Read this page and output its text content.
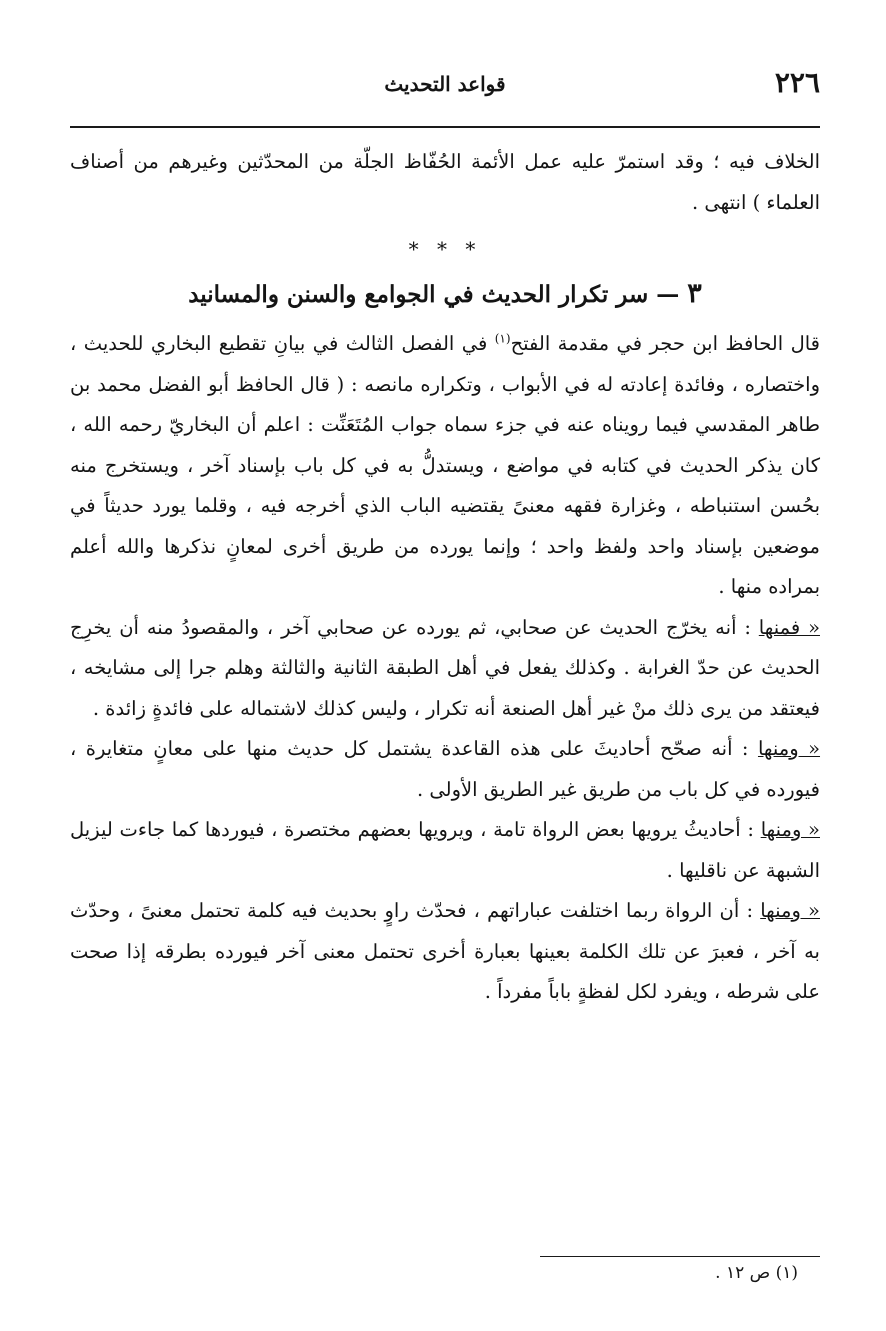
٢٢٦
قواعد التحديث

الخلاف فيه ؛ وقد استمرّ عليه عمل الأئمة الحُفّاظ الجلّة من المحدّثين وغيرهم من أصناف العلماء ) انتهى .

* * *
٣ — سر تكرار الحديث في الجوامع والسنن والمسانيد

قال الحافظ ابن حجر في مقدمة الفتح$^{(١)}$ في الفصل الثالث في بيانِ تقطيع البخاري للحديث ، واختصاره ، وفائدة إعادته له في الأبواب ، وتكراره مانصه : ( قال الحافظ أبو الفضل محمد بن طاهر المقدسي فيما رويناه عنه في جزء سماه جواب المُتَعَنِّت : اعلم أن البخاريّ رحمه الله ، كان يذكر الحديث في كتابه في مواضع ، ويستدلُّ به في كل باب بإسناد آخر ، ويستخرج منه بحُسن استنباطه ، وغزارة فقهه معنىً يقتضيه الباب الذي أخرجه فيه ، وقلما يورد حديثاً في موضعين بإسناد واحد ولفظ واحد ؛ وإنما يورده من طريق أخرى لمعانٍ نذكرها والله أعلم بمراده منها .

« فمنها : أنه يخرّج الحديث عن صحابي، ثم يورده عن صحابي آخر ، والمقصودُ منه أن يخرِج الحديث عن حدّ الغرابة . وكذلك يفعل في أهل الطبقة الثانية والثالثة وهلم جرا إلى مشايخه ، فيعتقد من يرى ذلك منْ غير أهل الصنعة أنه تكرار ، وليس كذلك لاشتماله على فائدةٍ زائدة .

« ومنها : أنه صحّح أحاديثَ على هذه القاعدة يشتمل كل حديث منها على معانٍ متغايرة ، فيورده في كل باب من طريق غير الطريق الأولى .

« ومنها : أحاديثُ يرويها بعض الرواة تامة ، ويرويها بعضهم مختصرة ، فيوردها كما جاءت ليزيل الشبهة عن ناقليها .

« ومنها : أن الرواة ربما اختلفت عباراتهم ، فحدّث راوٍ بحديث فيه كلمة تحتمل معنىً ، وحدّث به آخر ، فعبرَ عن تلك الكلمة بعينها بعبارة أخرى تحتمل معنى آخر فيورده بطرقه إذا صحت على شرطه ، ويفرد لكل لفظةٍ باباً مفرداً .

(١) ص ١٢ .
